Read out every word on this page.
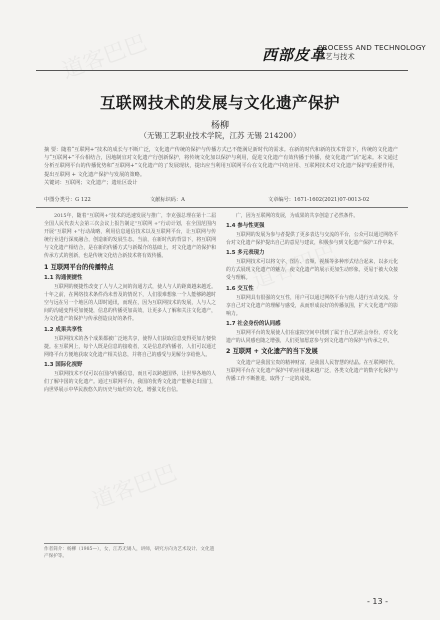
西部皮革
PROCESS AND TECHNOLOGY
工艺与技术
互联网技术的发展与文化遗产保护
杨柳
（无锡工艺职业技术学院，江苏 无锡 214200）
摘 要：随着“互联网+”技术的成长与不断广泛，文化遗产传统的保护与传播方式已不能满足新时代的需求。在新的时代和新的技术背景下，传统的文化遗产与“互联网+”平台相结合，因地制宜对文化遗产行创新保护，将传统文化加以保护与利用，促进文化遗产有效传播于传播，使文化遗产“活”起来。本文通过分析互联网平台的传播优势和“互联网+”文化遗产的了发展现状，提出应当利用互联网平台在文化遗产中的应用、互联网技术对文化遗产保护的重要作用，提出互联网 + 文化遗产保护与发展的策略。
关键词：互联网；文化遗产；遗址区设计
中图分类号：G 122	文献标识码：A	文章编号：1671-1602(2021)07-0013-02

2015年，随着“互联网+”技术的迅速发展与推广，李克强总理在第十二届全国人民代表大会第三次会议上报告制定“互联网 +”行动计划，在全国范围内开展“互联网 +”行动战略，利用信息通信技术以及互联网平台，让互联网与传统行业进行深度融合，创造新的发展生态。当前，在新时代的背景下，将互联网与文化遗产相结合，是在新的传播方式与新媒介的基础上，对文化遗产的保护和传承方式的创新，也是传统文化结合新技术将有效传播。

1 互联网平台的传播特点
1.1 沟通便捷性

互联网的便捷性改变了人与人之间的沟通方式，使人与人的距离越来越近。十年之前，在网络技术条件尚未普及的情况下，人们很难想象一个人能够跨越时空与远在另一个地区的人即时通讯，而现在，因为互联网技术的发展，人与人之间的沟通变得更加便捷，信息的传播更加高效，让更多人了解和关注文化遗产，为文化遗产的保护与传承创造良好的条件。

1.2 成果共享性

互联网技术的各个成果都被广泛地共享，使得人们获取信息变得更加方便快捷。在互联网上，每个人既是信息的接收者，又是信息的传播者，人们可以通过网络平台方便地获取文化遗产相关信息，并将自己的感受与见解分享给他人。

1.3 国际化视野

互联网技术不仅可以在国内传播信息，而且可以跨越国界，让世界各地的人们了解中国的文化遗产。通过互联网平台，我国的优秀文化遗产能够走出国门，向世界展示中华民族悠久的历史与灿烂的文化，增强文化自信。

广，因为互联网的发展，为成果的共享创造了必然条件。

1.4 参与性更强

互联网的发展为参与者提供了更多表达与交流的平台，公众可以通过网络平台对文化遗产保护提出自己的意见与建议，积极参与到文化遗产保护工作中来。

1.5 多元表现力

互联网技术可以将文字、图片、音频、视频等多种形式结合起来，以多元化的方式展现文化遗产的魅力，使文化遗产的展示更加生动形象，更易于被大众接受与理解。

1.6 交互性

互联网具有很强的交互性，用户可以通过网络平台与他人进行互动交流，分享自己对文化遗产的理解与感受，从而形成良好的传播氛围，扩大文化遗产的影响力。

1.7 社会身份的认同感

互联网平台的发展使人们在虚拟空间中找到了属于自己的社会身份，对文化遗产的认同感也随之增强，人们更加愿意参与到文化遗产的保护与传承之中。

2 互联网 + 文化遗产的当下发展

文化遗产是我国宝贵的精神财富，是我国人民智慧的结晶。在互联网时代，互联网平台在文化遗产保护中的应用越来越广泛，各类文化遗产的数字化保护与传播工作不断推进，取得了一定的成效。

作者简介：杨柳（1985—），女，江苏无锡人，讲师，研究方向为艺术设计、文化遗产保护等。
- 13 -
